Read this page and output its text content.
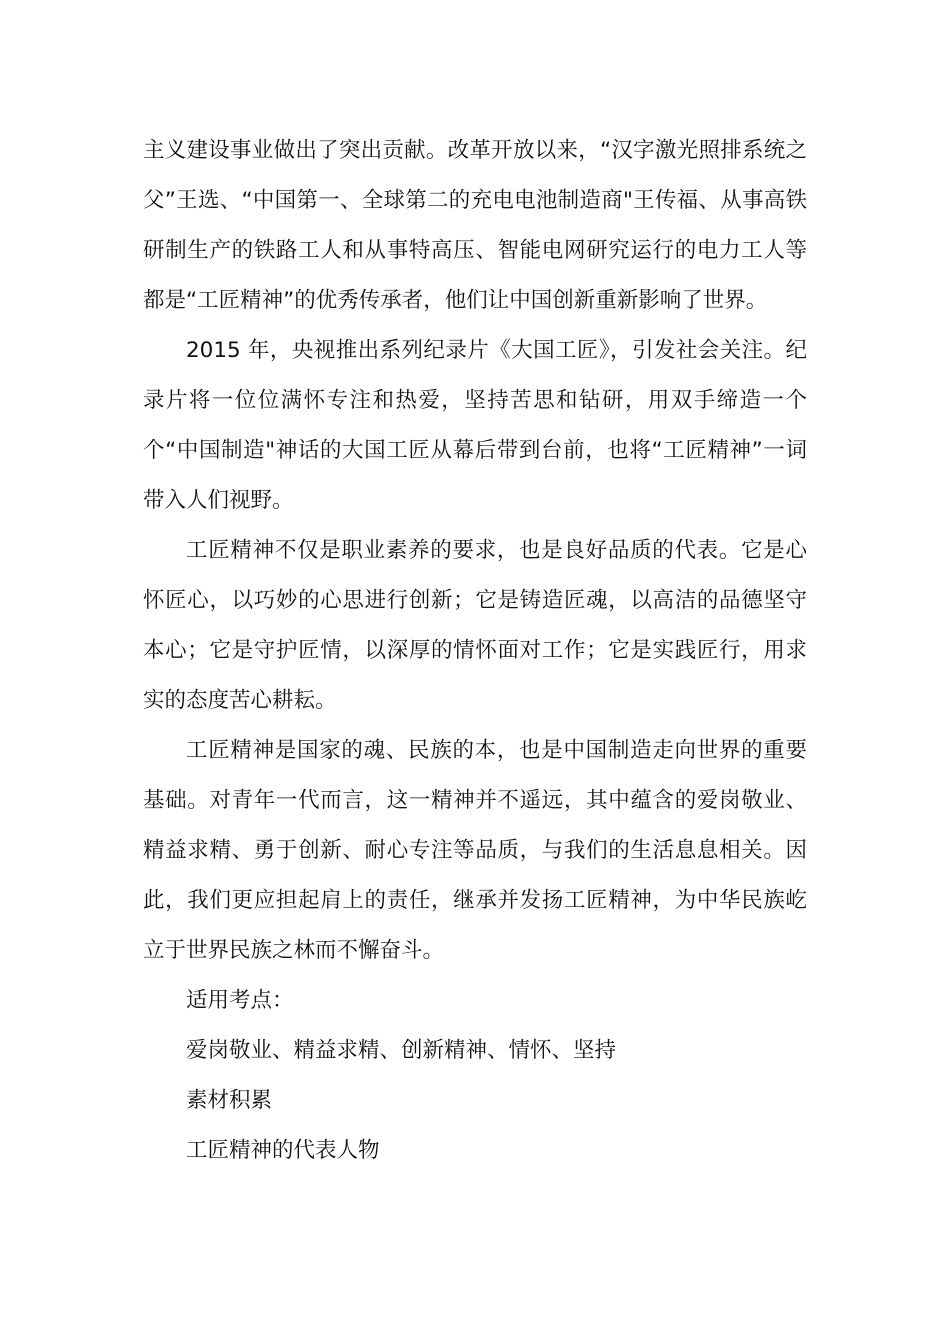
主义建设事业做出了突出贡献。改革开放以来，“汉字激光照排系统之父”王选、“中国第一、全球第二的充电电池制造商"王传福、从事高铁研制生产的铁路工人和从事特高压、智能电网研究运行的电力工人等都是“工匠精神”的优秀传承者，他们让中国创新重新影响了世界。

2015 年，央视推出系列纪录片《大国工匠》，引发社会关注。纪录片将一位位满怀专注和热爱，坚持苦思和钻研，用双手缔造一个个“中国制造"神话的大国工匠从幕后带到台前，也将“工匠精神”一词带入人们视野。

工匠精神不仅是职业素养的要求，也是良好品质的代表。它是心怀匠心，以巧妙的心思进行创新；它是铸造匠魂，以高洁的品德坚守本心；它是守护匠情，以深厚的情怀面对工作；它是实践匠行，用求实的态度苦心耕耘。

工匠精神是国家的魂、民族的本，也是中国制造走向世界的重要基础。对青年一代而言，这一精神并不遥远，其中蕴含的爱岗敬业、精益求精、勇于创新、耐心专注等品质，与我们的生活息息相关。因此，我们更应担起肩上的责任，继承并发扬工匠精神，为中华民族屹立于世界民族之林而不懈奋斗。

适用考点：

爱岗敬业、精益求精、创新精神、情怀、坚持

素材积累

工匠精神的代表人物
